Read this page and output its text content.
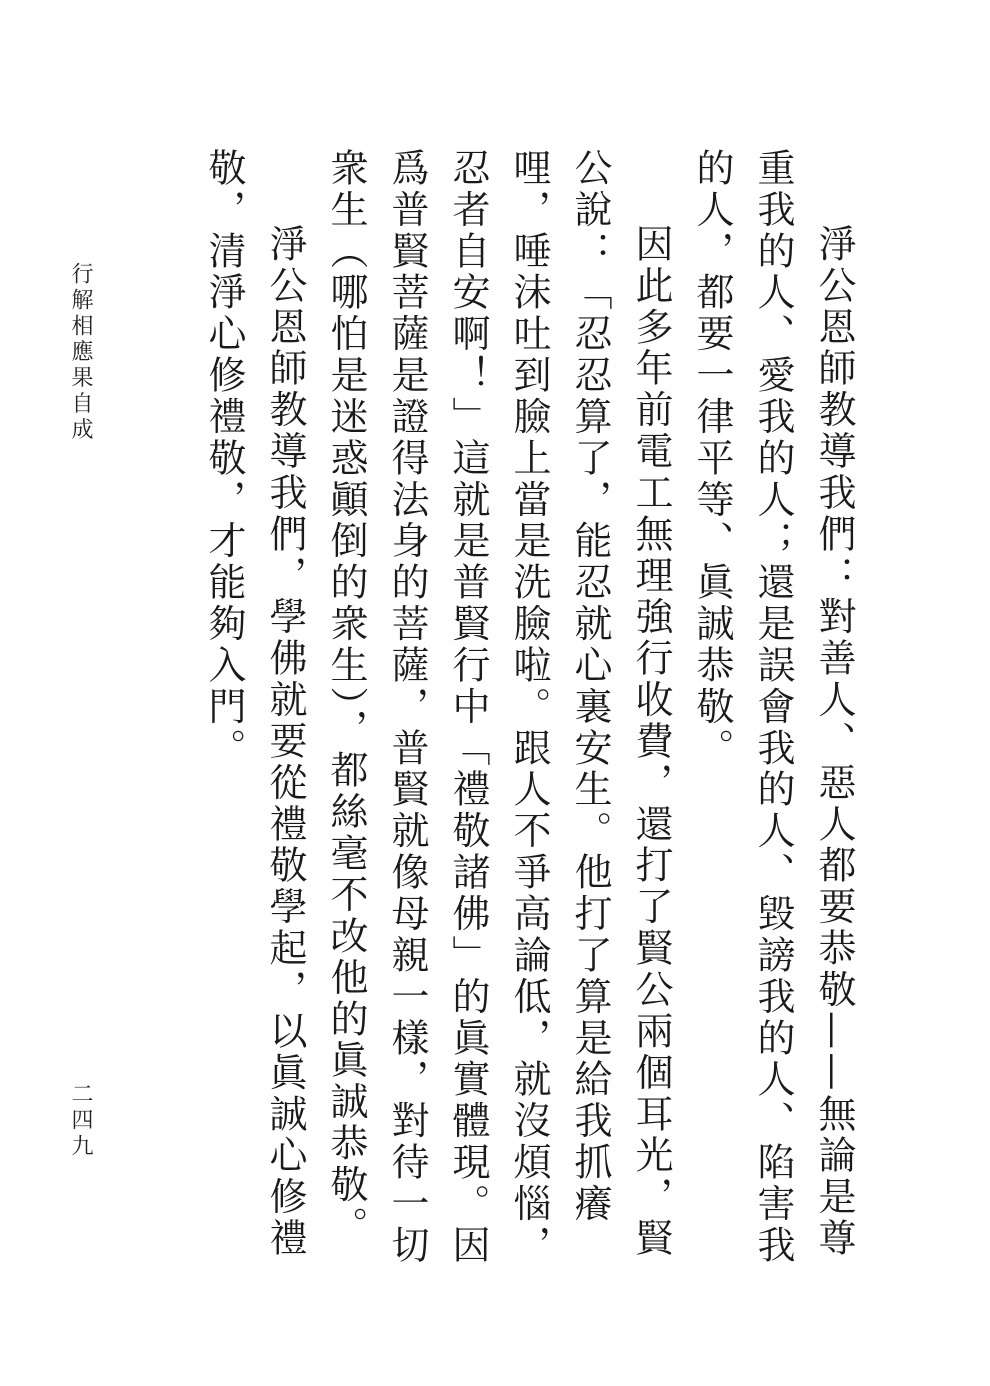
淨公恩師教導我們：對善人、惡人都要恭敬——無論是尊重我的人、愛我的人；還是誤會我的人、毀謗我的人、陷害我的人，都要一律平等、眞誠恭敬。

因此多年前電工無理強行收費，還打了賢公兩個耳光，賢公說：「忍忍算了，能忍就心裏安生。他打了算是給我抓癢哩，唾沫吐到臉上當是洗臉啦。跟人不爭高論低，就沒煩惱，忍者自安啊！」這就是普賢行中「禮敬諸佛」的眞實體現。因爲普賢菩薩是證得法身的菩薩，普賢就像母親一樣，對待一切衆生（哪怕是迷惑顚倒的衆生），都絲毫不改他的眞誠恭敬。

淨公恩師教導我們，學佛就要從禮敬學起，以眞誠心修禮敬，清淨心修禮敬，才能夠入門。

行解相應果自成
二四九
